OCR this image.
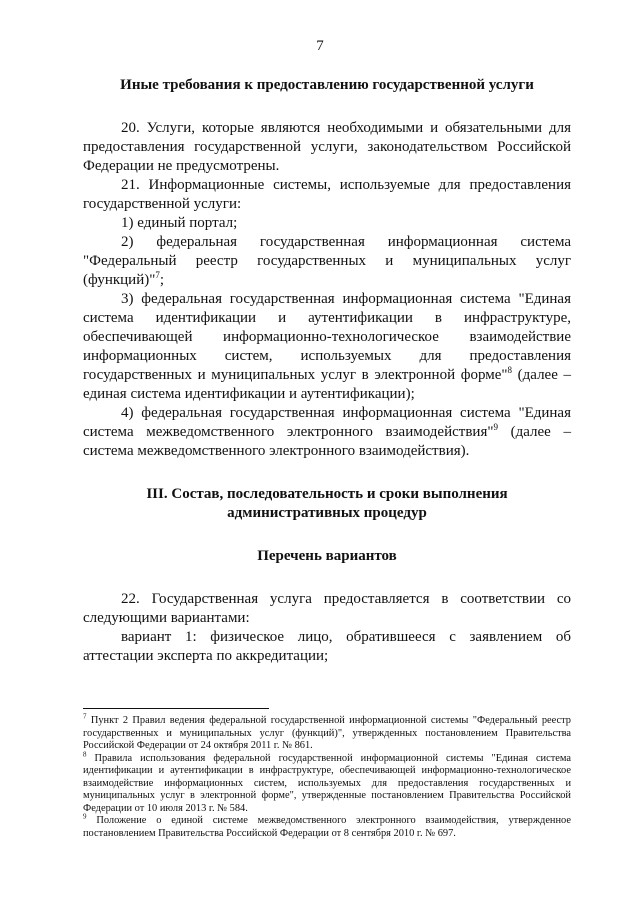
7

Иные требования к предоставлению государственной услуги

20. Услуги, которые являются необходимыми и обязательными для предоставления государственной услуги, законодательством Российской Федерации не предусмотрены.

21. Информационные системы, используемые для предоставления государственной услуги:

1) единый портал;

2) федеральная государственная информационная система "Федеральный реестр государственных и муниципальных услуг (функций)"$^7$;

3) федеральная государственная информационная система "Единая система идентификации и аутентификации в инфраструктуре, обеспечивающей информационно-технологическое взаимодействие информационных систем, используемых для предоставления государственных и муниципальных услуг в электронной форме"$^8$ (далее – единая система идентификации и аутентификации);

4) федеральная государственная информационная система "Единая система межведомственного электронного взаимодействия"$^9$ (далее – система межведомственного электронного взаимодействия).

III. Состав, последовательность и сроки выполнения

административных процедур

Перечень вариантов

22. Государственная услуга предоставляется в соответствии со следующими вариантами:

вариант 1: физическое лицо, обратившееся с заявлением об аттестации эксперта по аккредитации;

$^7$ Пункт 2 Правил ведения федеральной государственной информационной системы "Федеральный реестр государственных и муниципальных услуг (функций)", утвержденных постановлением Правительства Российской Федерации от 24 октября 2011 г. № 861.

$^8$ Правила использования федеральной государственной информационной системы "Единая система идентификации и аутентификации в инфраструктуре, обеспечивающей информационно-технологическое взаимодействие информационных систем, используемых для предоставления государственных и муниципальных услуг в электронной форме", утвержденные постановлением Правительства Российской Федерации от 10 июля 2013 г. № 584.

$^9$ Положение о единой системе межведомственного электронного взаимодействия, утвержденное постановлением Правительства Российской Федерации от 8 сентября 2010 г. № 697.
